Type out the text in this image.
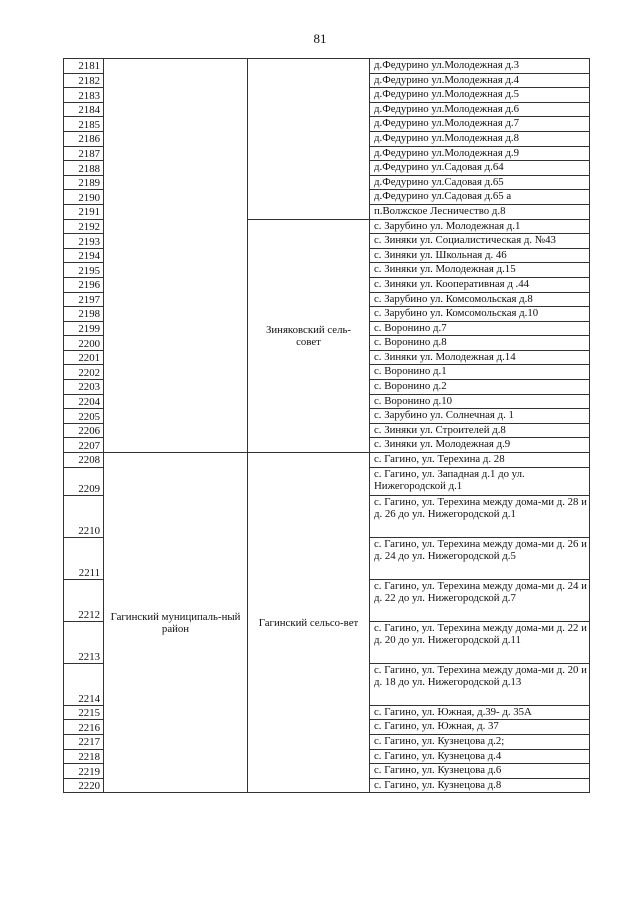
81
2181			д.Федурино ул.Молодежная д.3
2182			д.Федурино ул.Молодежная д.4
2183			д.Федурино ул.Молодежная д.5
2184			д.Федурино ул.Молодежная д.6
2185			д.Федурино ул.Молодежная д.7
2186			д.Федурино ул.Молодежная д.8
2187			д.Федурино ул.Молодежная д.9
2188			д.Федурино ул.Садовая д.64
2189			д.Федурино ул.Садовая д.65
2190			д.Федурино ул.Садовая д.65 а
2191			п.Волжское Лесничество д.8
2192		Зиняковский сель-совет	с. Зарубино ул. Молодежная д.1
2193			с. Зиняки ул. Социалистическая д. №43
2194			с. Зиняки ул. Школьная д. 46
2195			с. Зиняки ул. Молодежная д.15
2196			с. Зиняки ул. Кооперативная д .44
2197			с. Зарубино ул. Комсомольская д.8
2198			с. Зарубино ул. Комсомольская д.10
2199			с. Воронино д.7
2200			с. Воронино д.8
2201			с. Зиняки ул. Молодежная д.14
2202			с. Воронино д.1
2203			с. Воронино д.2
2204			с. Воронино д.10
2205			с. Зарубино ул. Солнечная д. 1
2206			с. Зиняки ул. Строителей д.8
2207			с. Зиняки ул. Молодежная д.9
2208	Гагинский муниципаль-ный район	Гагинский сельсо-вет	с. Гагино, ул. Терехина д. 28
2209			с. Гагино, ул. Западная д.1 до ул. Нижегородской д.1
2210			с. Гагино, ул. Терехина между дома-ми д. 28 и д. 26 до ул. Нижегородской д.1
2211			с. Гагино, ул. Терехина между дома-ми д. 26 и д. 24 до ул. Нижегородской д.5
2212			с. Гагино, ул. Терехина между дома-ми д. 24 и д. 22 до ул. Нижегородской д.7
2213			с. Гагино, ул. Терехина между дома-ми д. 22 и д. 20 до ул. Нижегородской д.11
2214			с. Гагино, ул. Терехина между дома-ми д. 20 и д. 18 до ул. Нижегородской д.13
2215			с. Гагино, ул. Южная, д.39- д. 35А
2216			с. Гагино, ул. Южная, д. 37
2217			с. Гагино, ул. Кузнецова д.2;
2218			с. Гагино, ул. Кузнецова д.4
2219			с. Гагино, ул. Кузнецова д.6
2220			с. Гагино, ул. Кузнецова д.8
